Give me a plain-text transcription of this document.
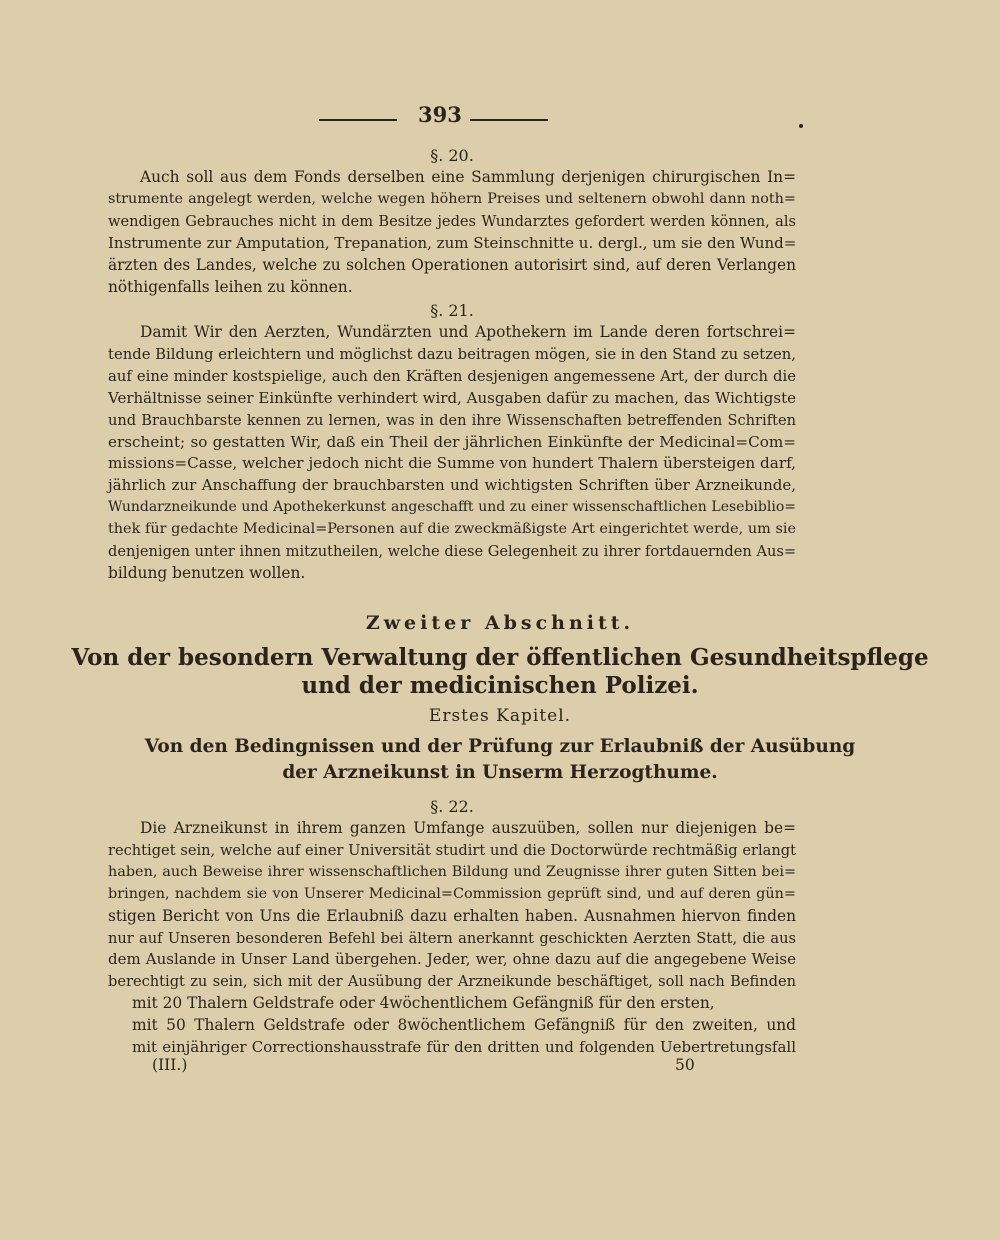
393

§. 20.

Auch soll aus dem Fonds derselben eine Sammlung derjenigen chirurgischen In=
strumente angelegt werden, welche wegen höhern Preises und seltenern obwohl dann noth=
wendigen Gebrauches nicht in dem Besitze jedes Wundarztes gefordert werden können, als
Instrumente zur Amputation, Trepanation, zum Steinschnitte u. dergl., um sie den Wund=
ärzten des Landes, welche zu solchen Operationen autorisirt sind, auf deren Verlangen
nöthigenfalls leihen zu können.

§. 21.

Damit Wir den Aerzten, Wundärzten und Apothekern im Lande deren fortschrei=
tende Bildung erleichtern und möglichst dazu beitragen mögen, sie in den Stand zu setzen,
auf eine minder kostspielige, auch den Kräften desjenigen angemessene Art, der durch die
Verhältnisse seiner Einkünfte verhindert wird, Ausgaben dafür zu machen, das Wichtigste
und Brauchbarste kennen zu lernen, was in den ihre Wissenschaften betreffenden Schriften
erscheint; so gestatten Wir, daß ein Theil der jährlichen Einkünfte der Medicinal=Com=
missions=Casse, welcher jedoch nicht die Summe von hundert Thalern übersteigen darf,
jährlich zur Anschaffung der brauchbarsten und wichtigsten Schriften über Arzneikunde,
Wundarzneikunde und Apothekerkunst angeschafft und zu einer wissenschaftlichen Lesebiblio=
thek für gedachte Medicinal=Personen auf die zweckmäßigste Art eingerichtet werde, um sie
denjenigen unter ihnen mitzutheilen, welche diese Gelegenheit zu ihrer fortdauernden Aus=
bildung benutzen wollen.

Zweiter Abschnitt.
Von der besondern Verwaltung der öffentlichen Gesundheitspflege
und der medicinischen Polizei.
Erstes Kapitel.
Von den Bedingnissen und der Prüfung zur Erlaubniß der Ausübung
der Arzneikunst in Unserm Herzogthume.

§. 22.

Die Arzneikunst in ihrem ganzen Umfange auszuüben, sollen nur diejenigen be=
rechtiget sein, welche auf einer Universität studirt und die Doctorwürde rechtmäßig erlangt
haben, auch Beweise ihrer wissenschaftlichen Bildung und Zeugnisse ihrer guten Sitten bei=
bringen, nachdem sie von Unserer Medicinal=Commission geprüft sind, und auf deren gün=
stigen Bericht von Uns die Erlaubniß dazu erhalten haben. Ausnahmen hiervon finden
nur auf Unseren besonderen Befehl bei ältern anerkannt geschickten Aerzten Statt, die aus
dem Auslande in Unser Land übergehen. Jeder, wer, ohne dazu auf die angegebene Weise
berechtigt zu sein, sich mit der Ausübung der Arzneikunde beschäftiget, soll nach Befinden
mit 20 Thalern Geldstrafe oder 4wöchentlichem Gefängniß für den ersten,
mit 50 Thalern Geldstrafe oder 8wöchentlichem Gefängniß für den zweiten, und
mit einjähriger Correctionshausstrafe für den dritten und folgenden Uebertretungsfall

(III.)	50
